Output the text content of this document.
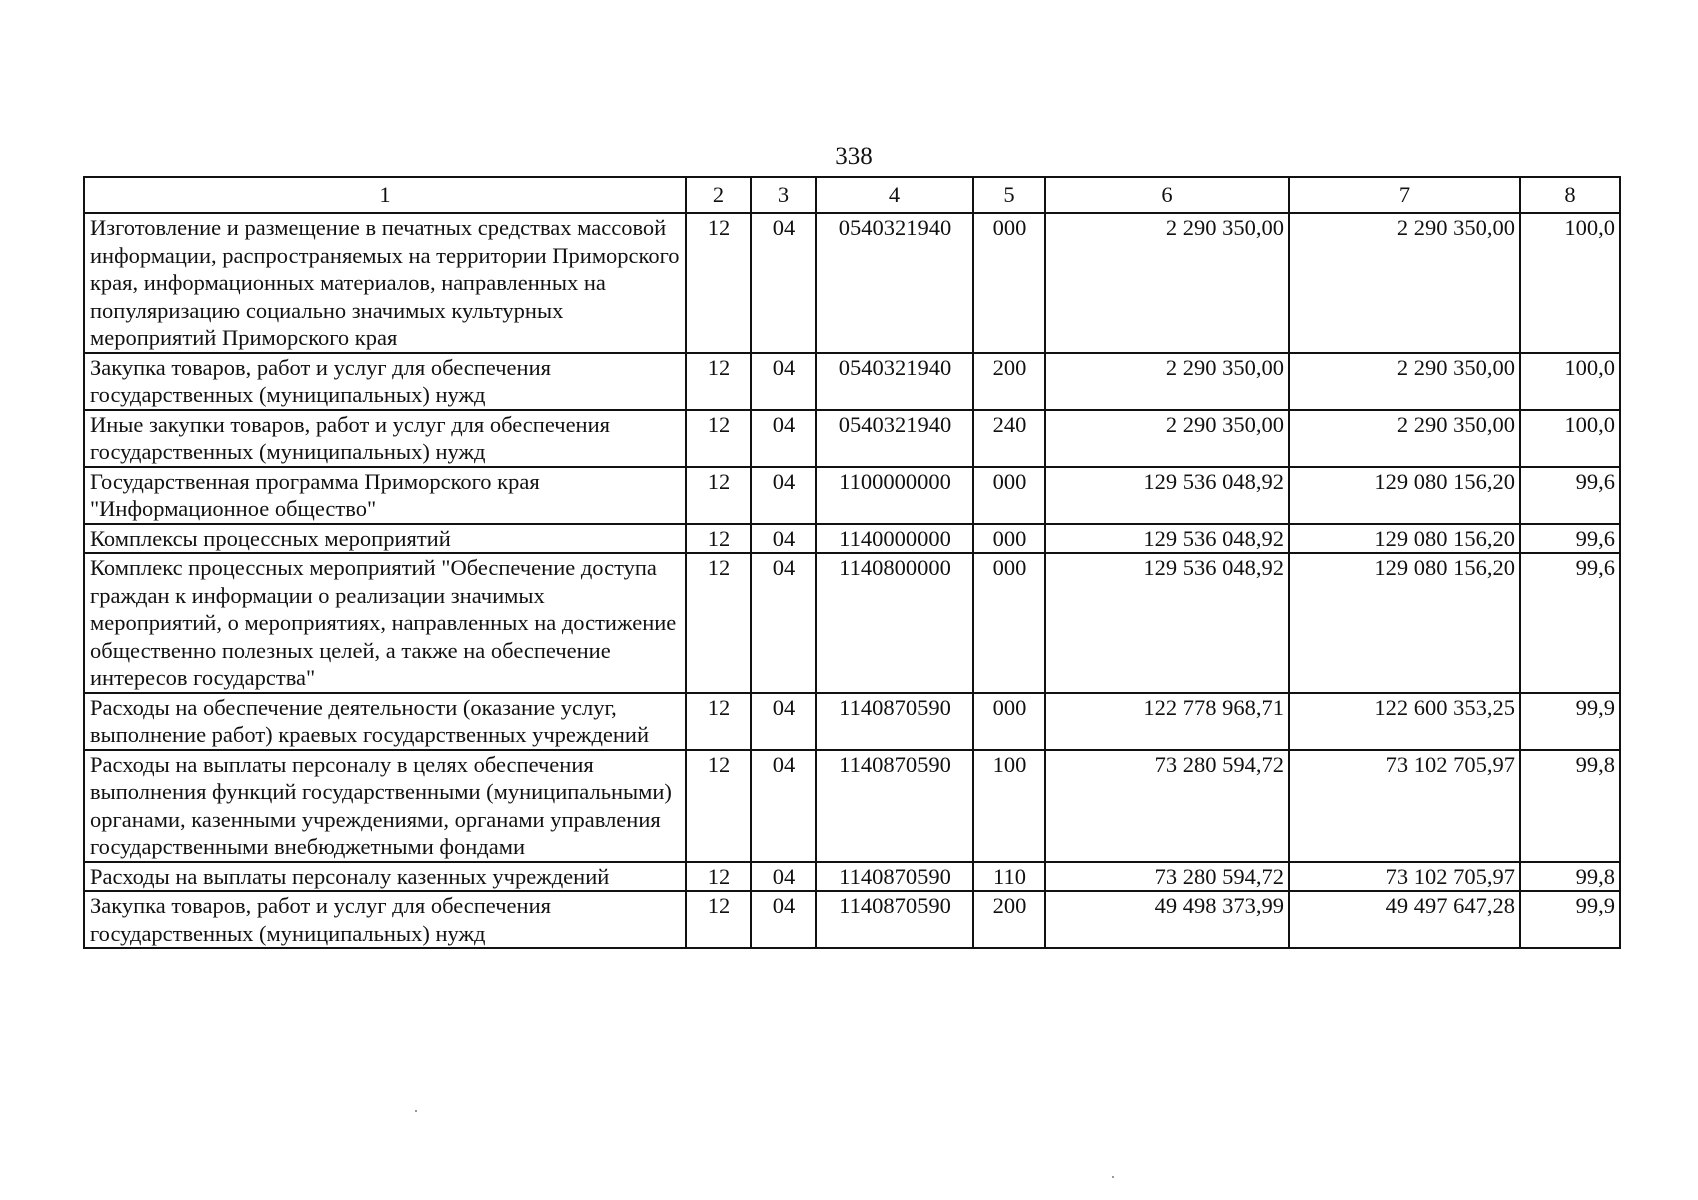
338
1	2	3	4	5	6	7	8
Изготовление и размещение в печатных средствах массовой информации, распространяемых на территории Приморского края, информационных материалов, направленных на популяризацию социально значимых культурных мероприятий Приморского края	12	04	0540321940	000	2 290 350,00	2 290 350,00	100,0
Закупка товаров, работ и услуг для обеспечения государственных (муниципальных) нужд	12	04	0540321940	200	2 290 350,00	2 290 350,00	100,0
Иные закупки товаров, работ и услуг для обеспечения государственных (муниципальных) нужд	12	04	0540321940	240	2 290 350,00	2 290 350,00	100,0
Государственная программа Приморского края "Информационное общество"	12	04	1100000000	000	129 536 048,92	129 080 156,20	99,6
Комплексы процессных мероприятий	12	04	1140000000	000	129 536 048,92	129 080 156,20	99,6
Комплекс процессных мероприятий "Обеспечение доступа граждан к информации о реализации значимых мероприятий, о мероприятиях, направленных на достижение общественно полезных целей, а также на обеспечение интересов государства"	12	04	1140800000	000	129 536 048,92	129 080 156,20	99,6
Расходы на обеспечение деятельности (оказание услуг, выполнение работ) краевых государственных учреждений	12	04	1140870590	000	122 778 968,71	122 600 353,25	99,9
Расходы на выплаты персоналу в целях обеспечения выполнения функций государственными (муниципальными) органами, казенными учреждениями, органами управления государственными внебюджетными фондами	12	04	1140870590	100	73 280 594,72	73 102 705,97	99,8
Расходы на выплаты персоналу казенных учреждений	12	04	1140870590	110	73 280 594,72	73 102 705,97	99,8
Закупка товаров, работ и услуг для обеспечения государственных (муниципальных) нужд	12	04	1140870590	200	49 498 373,99	49 497 647,28	99,9
